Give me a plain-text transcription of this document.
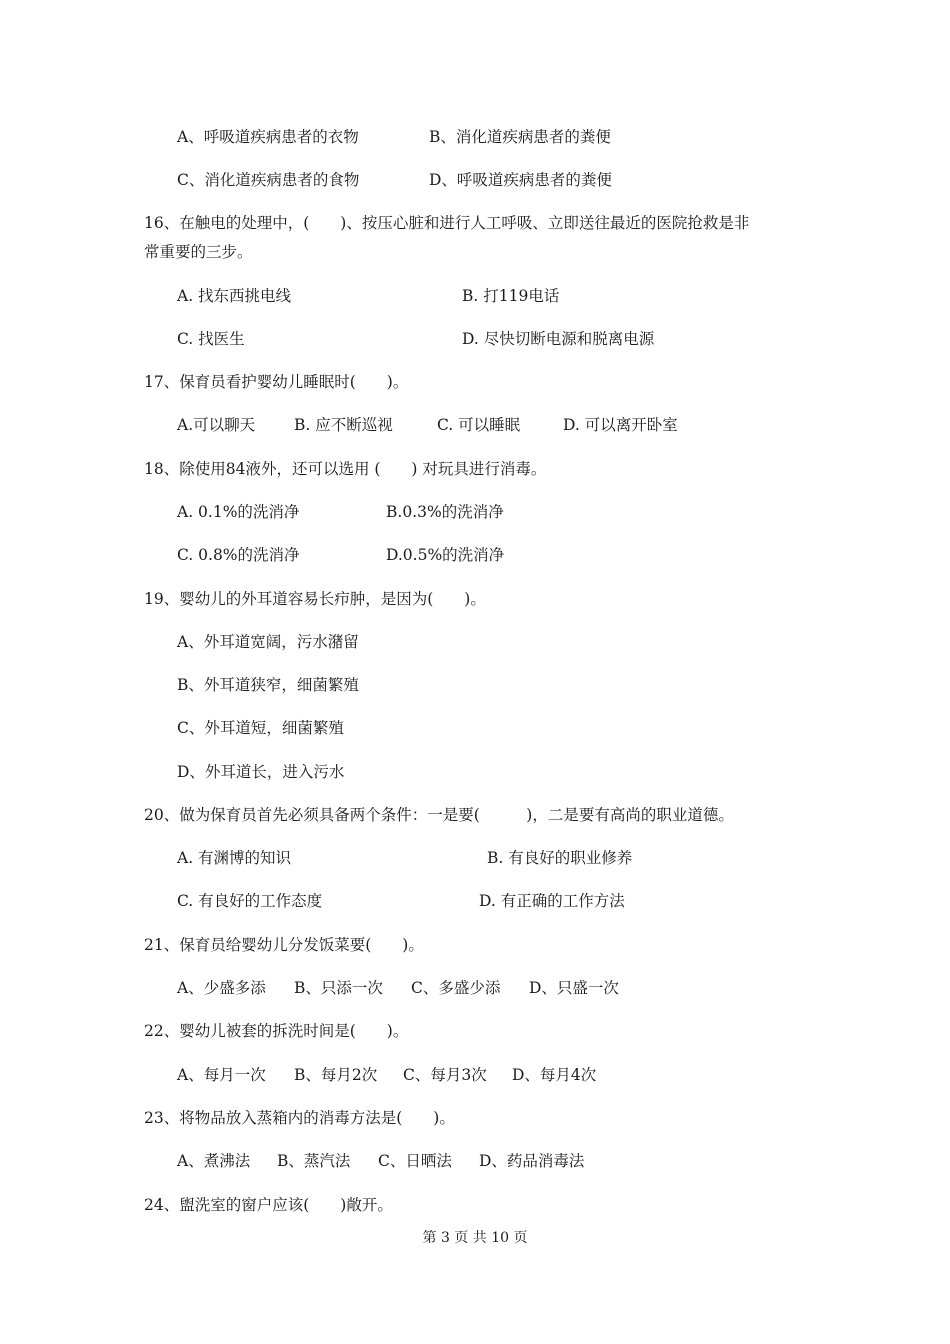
A、呼吸道疾病患者的衣物	B、消化道疾病患者的粪便
C、消化道疾病患者的食物	D、呼吸道疾病患者的粪便
16、在触电的处理中，(　　)、按压心脏和进行人工呼吸、立即送往最近的医院抢救是非
常重要的三步。
A. 找东西挑电线	B. 打119电话
C. 找医生	D. 尽快切断电源和脱离电源
17、保育员看护婴幼儿睡眠时(　　)。
A.可以聊天	B. 应不断巡视	C. 可以睡眠	D. 可以离开卧室
18、除使用84液外，还可以选用 (　　) 对玩具进行消毒。
A. 0.1%的洗消净	B.0.3%的洗消净
C. 0.8%的洗消净	D.0.5%的洗消净
19、婴幼儿的外耳道容易长疖肿，是因为(　　)。
A、外耳道宽阔，污水潴留
B、外耳道狭窄，细菌繁殖
C、外耳道短，细菌繁殖
D、外耳道长，进入污水
20、做为保育员首先必须具备两个条件：一是要(　　　)，二是要有高尚的职业道德。
A. 有渊博的知识	B. 有良好的职业修养
C. 有良好的工作态度	D. 有正确的工作方法
21、保育员给婴幼儿分发饭菜要(　　)。
A、少盛多添 B、只添一次 C、多盛少添 D、只盛一次
22、婴幼儿被套的拆洗时间是(　　)。
A、每月一次 B、每月2次 C、每月3次 D、每月4次
23、将物品放入蒸箱内的消毒方法是(　　)。
A、煮沸法 B、蒸汽法 C、日晒法 D、药品消毒法
24、盥洗室的窗户应该(　　)敞开。
第 3 页 共 10 页
